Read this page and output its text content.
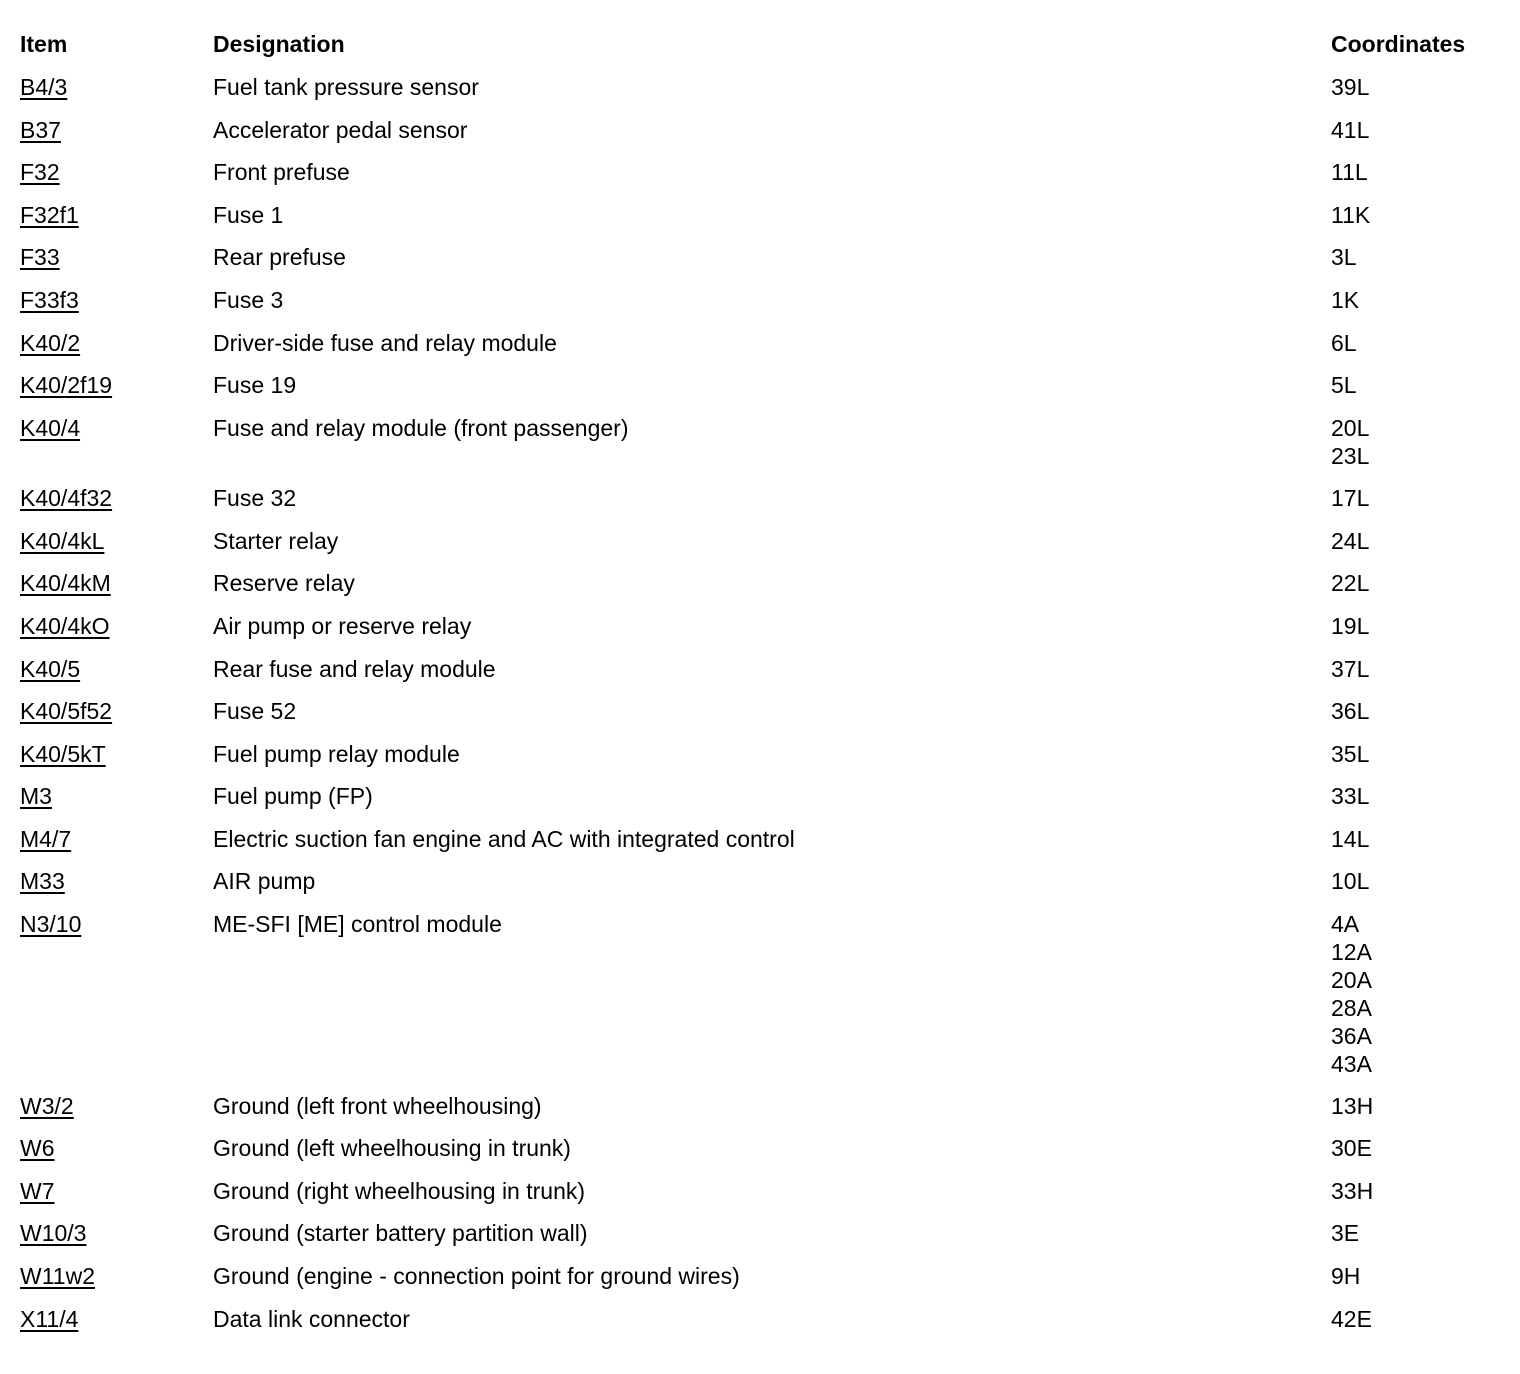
Item	Designation	Coordinates
B4/3	Fuel tank pressure sensor	39L
B37	Accelerator pedal sensor	41L
F32	Front prefuse	11L
F32f1	Fuse 1	11K
F33	Rear prefuse	3L
F33f3	Fuse 3	1K
K40/2	Driver-side fuse and relay module	6L
K40/2f19	Fuse 19	5L
K40/4	Fuse and relay module (front passenger)	20L
23L
K40/4f32	Fuse 32	17L
K40/4kL	Starter relay	24L
K40/4kM	Reserve relay	22L
K40/4kO	Air pump or reserve relay	19L
K40/5	Rear fuse and relay module	37L
K40/5f52	Fuse 52	36L
K40/5kT	Fuel pump relay module	35L
M3	Fuel pump (FP)	33L
M4/7	Electric suction fan engine and AC with integrated control	14L
M33	AIR pump	10L
N3/10	ME-SFI [ME] control module	4A
12A
20A
28A
36A
43A
W3/2	Ground (left front wheelhousing)	13H
W6	Ground (left wheelhousing in trunk)	30E
W7	Ground (right wheelhousing in trunk)	33H
W10/3	Ground (starter battery partition wall)	3E
W11w2	Ground (engine - connection point for ground wires)	9H
X11/4	Data link connector	42E
